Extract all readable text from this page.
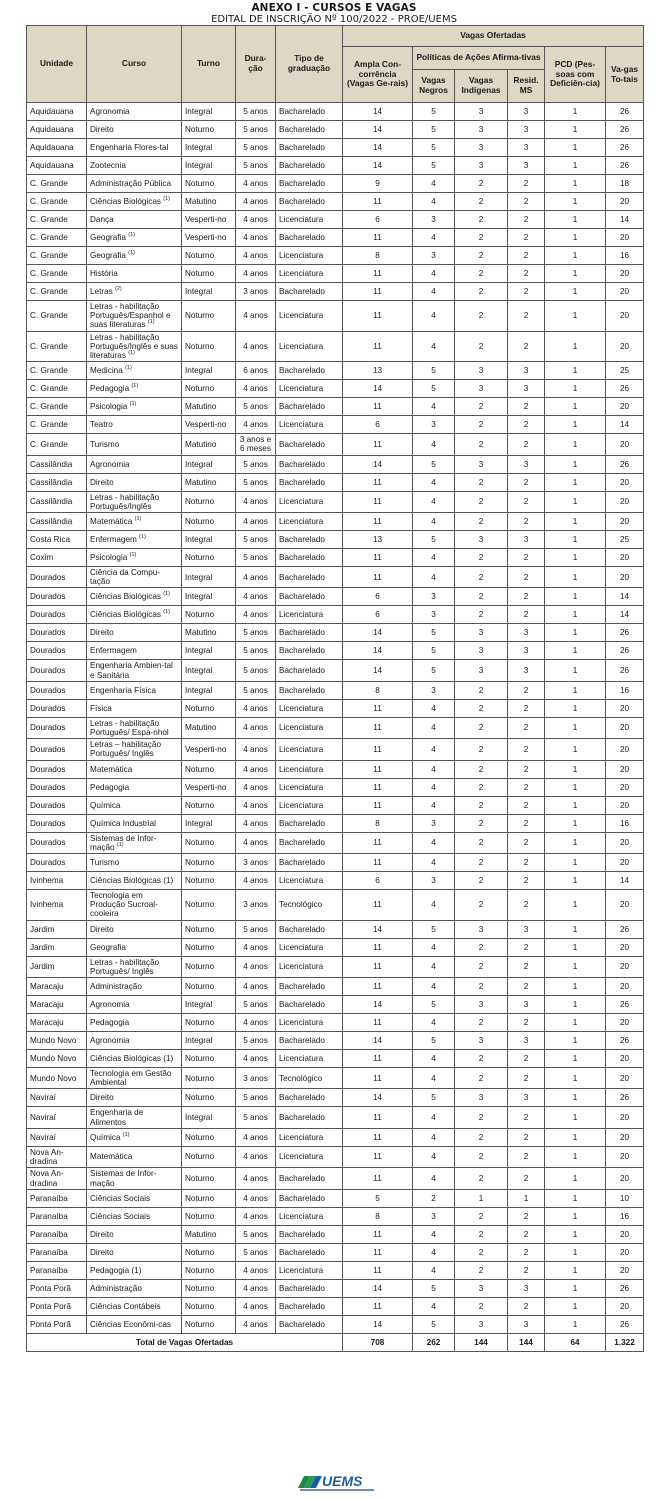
ANEXO I - CURSOS E VAGAS
EDITAL DE INSCRIÇÃO Nº 100/2022 - PROE/UEMS
Unidade	Curso	Turno	Dura-ção	Tipo de graduação	Vagas Ofertadas					
					Ampla Con-corrência (Vagas Ge-rais)	Políticas de Ações Afirma-tivas			PCD (Pes-soas com Deficiên-cia)	Va-gas To-tais
						Vagas Negros	Vagas Indígenas	Resid. MS		
Aquidauana	Agronomia	Integral	5 anos	Bacharelado	14	5	3	3	1	26
Aquidauana	Direito	Noturno	5 anos	Bacharelado	14	5	3	3	1	26
Aquidauana	Engenharia Flores-tal	Integral	5 anos	Bacharelado	14	5	3	3	1	26
Aquidauana	Zootecnia	Integral	5 anos	Bacharelado	14	5	3	3	1	26
C. Grande	Administração Pública	Noturno	4 anos	Bacharelado	9	4	2	2	1	18
C. Grande	Ciências Biológicas $^{(1)}$	Matutino	4 anos	Bacharelado	11	4	2	2	1	20
C. Grande	Dança	Vesperti-no	4 anos	Licenciatura	6	3	2	2	1	14
C. Grande	Geografia $^{(1)}$	Vesperti-no	4 anos	Bacharelado	11	4	2	2	1	20
C. Grande	Geografia $^{(1)}$	Noturno	4 anos	Licenciatura	8	3	2	2	1	16
C. Grande	História	Noturno	4 anos	Licenciatura	11	4	2	2	1	20
C. Grande	Letras $^{(2)}$	Integral	3 anos	Bacharelado	11	4	2	2	1	20
C. Grande	Letras - habilitação Português/Espanhol e suas literaturas $^{(1)}$	Noturno	4 anos	Licenciatura	11	4	2	2	1	20
C. Grande	Letras - habilitação Português/Inglês e suas literaturas $^{(1)}$	Noturno	4 anos	Licenciatura	11	4	2	2	1	20
C. Grande	Medicina $^{(1)}$	Integral	6 anos	Bacharelado	13	5	3	3	1	25
C. Grande	Pedagogia $^{(1)}$	Noturno	4 anos	Licenciatura	14	5	3	3	1	26
C. Grande	Psicologia $^{(1)}$	Matutino	5 anos	Bacharelado	11	4	2	2	1	20
C. Grande	Teatro	Vesperti-no	4 anos	Licenciatura	6	3	2	2	1	14
C. Grande	Turismo	Matutino	3 anos e 6 meses	Bacharelado	11	4	2	2	1	20
Cassilândia	Agronomia	Integral	5 anos	Bacharelado	14	5	3	3	1	26
Cassilândia	Direito	Matutino	5 anos	Bacharelado	11	4	2	2	1	20
Cassilândia	Letras - habilitação Português/Inglês	Noturno	4 anos	Licenciatura	11	4	2	2	1	20
Cassilândia	Matemática $^{(1)}$	Noturno	4 anos	Licenciatura	11	4	2	2	1	20
Costa Rica	Enfermagem $^{(1)}$	Integral	5 anos	Bacharelado	13	5	3	3	1	25
Coxim	Psicologia $^{(1)}$	Noturno	5 anos	Bacharelado	11	4	2	2	1	20
Dourados	Ciência da Compu-tação	Integral	4 anos	Bacharelado	11	4	2	2	1	20
Dourados	Ciências Biológicas $^{(1)}$	Integral	4 anos	Bacharelado	6	3	2	2	1	14
Dourados	Ciências Biológicas $^{(1)}$	Noturno	4 anos	Licenciatura	6	3	2	2	1	14
Dourados	Direito	Matutino	5 anos	Bacharelado	14	5	3	3	1	26
Dourados	Enfermagem	Integral	5 anos	Bacharelado	14	5	3	3	1	26
Dourados	Engenharia Ambien-tal e Sanitária	Integral	5 anos	Bacharelado	14	5	3	3	1	26
Dourados	Engenharia Física	Integral	5 anos	Bacharelado	8	3	2	2	1	16
Dourados	Física	Noturno	4 anos	Licenciatura	11	4	2	2	1	20
Dourados	Letras - habilitação Português/ Espa-nhol	Matutino	4 anos	Licenciatura	11	4	2	2	1	20
Dourados	Letras – habilitação Português/ Inglês	Vesperti-no	4 anos	Licenciatura	11	4	2	2	1	20
Dourados	Matemática	Noturno	4 anos	Licenciatura	11	4	2	2	1	20
Dourados	Pedagogia	Vesperti-no	4 anos	Licenciatura	11	4	2	2	1	20
Dourados	Química	Noturno	4 anos	Licenciatura	11	4	2	2	1	20
Dourados	Química Industrial	Integral	4 anos	Bacharelado	8	3	2	2	1	16
Dourados	Sistemas de Infor-mação $^{(1)}$	Noturno	4 anos	Bacharelado	11	4	2	2	1	20
Dourados	Turismo	Noturno	3 anos	Bacharelado	11	4	2	2	1	20
Ivinhema	Ciências Biológicas (1)	Noturno	4 anos	Licenciatura	6	3	2	2	1	14
Ivinhema	Tecnologia em Produção Sucroal-cooleira	Noturno	3 anos	Tecnológico	11	4	2	2	1	20
Jardim	Direito	Noturno	5 anos	Bacharelado	14	5	3	3	1	26
Jardim	Geografia	Noturno	4 anos	Licenciatura	11	4	2	2	1	20
Jardim	Letras - habilitação Português/ Inglês	Noturno	4 anos	Licenciatura	11	4	2	2	1	20
Maracaju	Administração	Noturno	4 anos	Bacharelado	11	4	2	2	1	20
Maracaju	Agronomia	Integral	5 anos	Bacharelado	14	5	3	3	1	26
Maracaju	Pedagogia	Noturno	4 anos	Licenciatura	11	4	2	2	1	20
Mundo Novo	Agronomia	Integral	5 anos	Bacharelado	14	5	3	3	1	26
Mundo Novo	Ciências Biológicas (1)	Noturno	4 anos	Licenciatura	11	4	2	2	1	20
Mundo Novo	Tecnologia em Gestão Ambiental	Noturno	3 anos	Tecnológico	11	4	2	2	1	20
Naviraí	Direito	Noturno	5 anos	Bacharelado	14	5	3	3	1	26
Naviraí	Engenharia de Alimentos	Integral	5 anos	Bacharelado	11	4	2	2	1	20
Naviraí	Química $^{(1)}$	Noturno	4 anos	Licenciatura	11	4	2	2	1	20
Nova An-dradina	Matemática	Noturno	4 anos	Licenciatura	11	4	2	2	1	20
Nova An-dradina	Sistemas de Infor-mação	Noturno	4 anos	Bacharelado	11	4	2	2	1	20
Paranaíba	Ciências Sociais	Noturno	4 anos	Bacharelado	5	2	1	1	1	10
Paranaíba	Ciências Sociais	Noturno	4 anos	Licenciatura	8	3	2	2	1	16
Paranaíba	Direito	Matutino	5 anos	Bacharelado	11	4	2	2	1	20
Paranaíba	Direito	Noturno	5 anos	Bacharelado	11	4	2	2	1	20
Paranaíba	Pedagogia (1)	Noturno	4 anos	Licenciatura	11	4	2	2	1	20
Ponta Porã	Administração	Noturno	4 anos	Bacharelado	14	5	3	3	1	26
Ponta Porã	Ciências Contábeis	Noturno	4 anos	Bacharelado	11	4	2	2	1	20
Ponta Porã	Ciências Econômi-cas	Noturno	4 anos	Bacharelado	14	5	3	3	1	26
Total de Vagas Ofertadas					708	262	144	144	64	1.322
UEMS
